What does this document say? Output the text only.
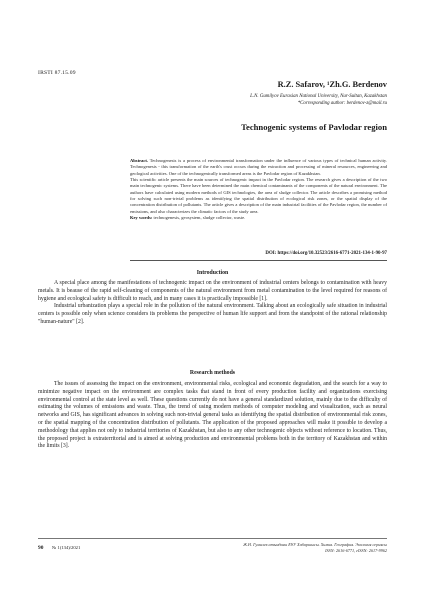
IRSTI 87.15.09
R.Z. Safarov, ¹Zh.G. Berdenov
L.N. Gumilyov Eurasian National University, Nur-Sultan, Kazakhstan
*Corresponding author: berdenov-z@mail.ru
Technogenic systems of Pavlodar region

Abstract. Technogenesis is a process of environmental transformation under the influence of various types of technical human activity. Technogenesis - this transformation of the earth's crust occurs during the extraction and processing of mineral resources, engineering and geological activities. One of the technogenically transformed areas is the Pavlodar region of Kazakhstan.

This scientific article presents the main sources of technogenic impact in the Pavlodar region. The research gives a description of the two main technogenic systems. There have been determined the main chemical contaminants of the components of the natural environment. The authors have calculated using modern methods of GIS technologies, the area of sludge collector. The article describes a promising method for solving such non-trivial problems as identifying the spatial distribution of ecological risk zones, or the spatial display of the concentration distribution of pollutants. The article gives a description of the main industrial facilities of the Pavlodar region, the number of emissions, and also characterizes the climatic factors of the study area.

Key words: technogenesis, geosystem, sludge collector, waste.

DOI: https://doi.org/10.32523/2616-6771-2021-134-1-90-97
Introduction

A special place among the manifestations of technogenic impact on the environment of industrial centers belongs to contamination with heavy metals. It is beause of the rapid self-cleaning of components of the natural environment from metal contamination to the level required for reasons of hygiene and ecological safety is difficult to reach, and in many cases it is practically impossible [1].

Industrial urbanization plays a special role in the pollution of the natural environment. Talking about an ecologically safe situation in industrial centers is possible only when science considers its problems the perspective of human life support and from the standpoint of the rational relationship "human-nature" [2].

Research methods

The issues of assessing the impact on the environment, environmental risks, ecological and economic degradation, and the search for a way to minimize negative impact on the environment are complex tasks that stand in front of every production facility and organizations exercising environmental control at the state level as well. These questions currently do not have a general standardized solution, mainly due to the difficulty of estimating the volumes of emissions and waste. Thus, the trend of using modern methods of computer modeling and visualization, such as neural networks and GIS, has significant advances in solving such non-trivial general tasks as identifying the spatial distribution of environmental risk zones, or the spatial mapping of the concentration distribution of pollutants. The application of the proposed approaches will make it possible to develop a methodology that applies not only to industrial territories of Kazakhstan, but also to any other technogenic objects without reference to location. Thus, the proposed project is extraterritorial and is aimed at solving production and environmental problems both in the territory of Kazakhstan and within the limits [3].

90 № 1(134)/2021
Ж.Н. Гумилев атындағы ЕҰУ Хабаршысы. Химия. География. Экология сериясы
ISSN: 2616-6771, eISSN: 2617-9962
